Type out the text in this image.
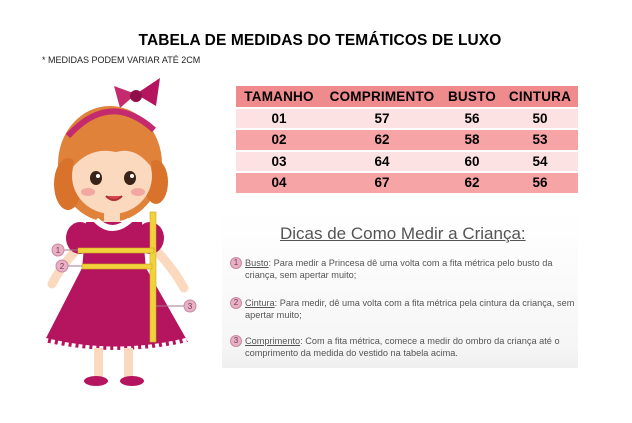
TABELA DE MEDIDAS DO TEMÁTICOS DE LUXO
* MEDIDAS PODEM VARIAR ATÉ 2CM
1
2
3
TAMANHO	COMPRIMENTO	BUSTO	CINTURA
01	57	56	50
02	62	58	53
03	64	60	54
04	67	62	56
Dicas de Como Medir a Criança:
1 Busto: Para medir a Princesa dê uma volta com a fita métrica pelo busto da criança, sem apertar muito;
2 Cintura: Para medir, dê uma volta com a fita métrica pela cintura da criança, sem apertar muito;
3 Comprimento: Com a fita métrica, comece a medir do ombro da criança até o comprimento da medida do vestido na tabela acima.
